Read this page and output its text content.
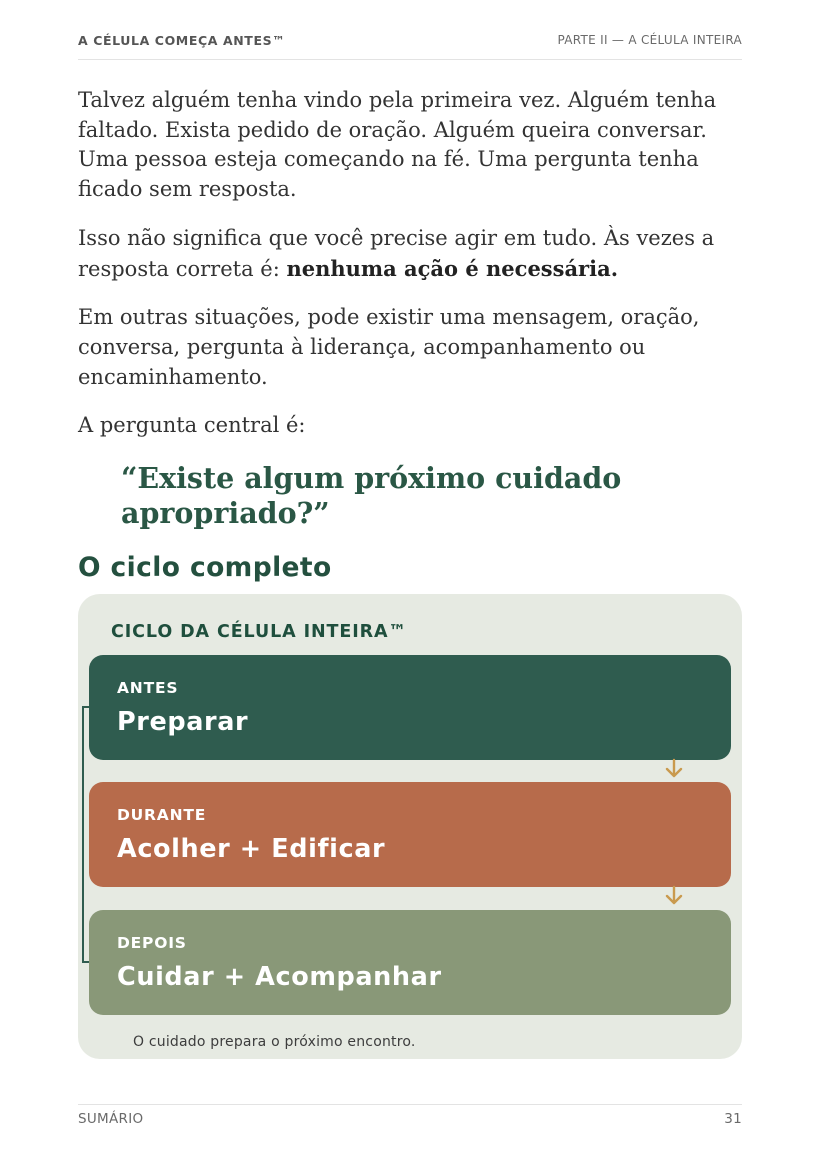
A CÉLULA COMEÇA ANTES™	PARTE II — A CÉLULA INTEIRA

Talvez alguém tenha vindo pela primeira vez. Alguém tenha faltado. Exista pedido de oração. Alguém queira conversar. Uma pessoa esteja começando na fé. Uma pergunta tenha ficado sem resposta.

Isso não significa que você precise agir em tudo. Às vezes a resposta correta é: nenhuma ação é necessária.

Em outras situações, pode existir uma mensagem, oração, conversa, pergunta à liderança, acompanhamento ou encaminhamento.

A pergunta central é:

“Existe algum próximo cuidado apropriado?”
O ciclo completo
CICLO DA CÉLULA INTEIRA™
ANTES
Preparar
DURANTE
Acolher + Edificar
DEPOIS
Cuidar + Acompanhar
O cuidado prepara o próximo encontro.
SUMÁRIO	31
